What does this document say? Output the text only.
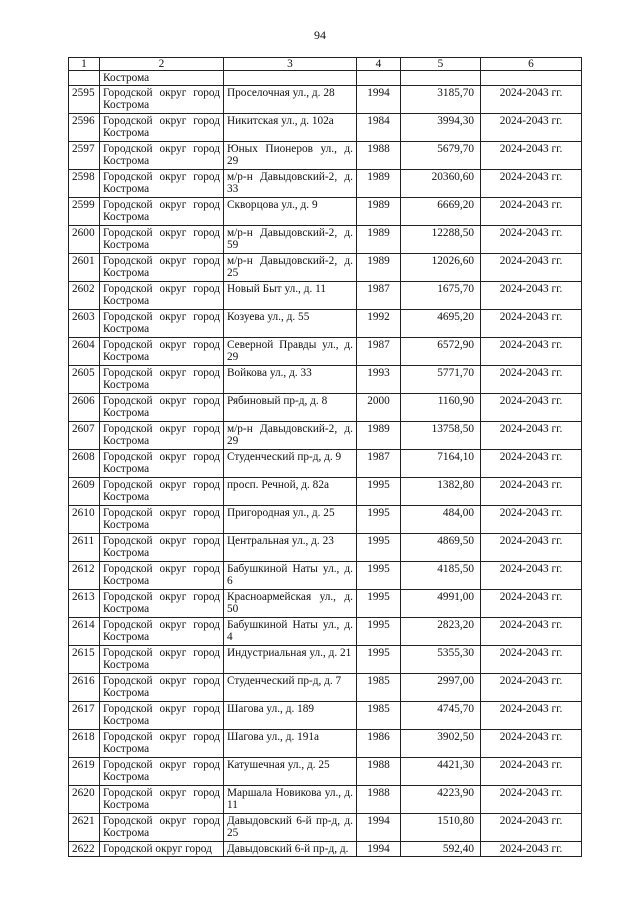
94
1	2	3	4	5	6
	Кострома				
2595	Городской округ город Кострома	Проселочная ул., д. 28	1994	3185,70	2024-2043 гг.
2596	Городской округ город Кострома	Никитская ул., д. 102а	1984	3994,30	2024-2043 гг.
2597	Городской округ город Кострома	Юных Пионеров ул., д. 29	1988	5679,70	2024-2043 гг.
2598	Городской округ город Кострома	м/р-н Давыдовский-2, д. 33	1989	20360,60	2024-2043 гг.
2599	Городской округ город Кострома	Скворцова ул., д. 9	1989	6669,20	2024-2043 гг.
2600	Городской округ город Кострома	м/р-н Давыдовский-2, д. 59	1989	12288,50	2024-2043 гг.
2601	Городской округ город Кострома	м/р-н Давыдовский-2, д. 25	1989	12026,60	2024-2043 гг.
2602	Городской округ город Кострома	Новый Быт ул., д. 11	1987	1675,70	2024-2043 гг.
2603	Городской округ город Кострома	Козуева ул., д. 55	1992	4695,20	2024-2043 гг.
2604	Городской округ город Кострома	Северной Правды ул., д. 29	1987	6572,90	2024-2043 гг.
2605	Городской округ город Кострома	Войкова ул., д. 33	1993	5771,70	2024-2043 гг.
2606	Городской округ город Кострома	Рябиновый пр-д, д. 8	2000	1160,90	2024-2043 гг.
2607	Городской округ город Кострома	м/р-н Давыдовский-2, д. 29	1989	13758,50	2024-2043 гг.
2608	Городской округ город Кострома	Студенческий пр-д, д. 9	1987	7164,10	2024-2043 гг.
2609	Городской округ город Кострома	просп. Речной, д. 82а	1995	1382,80	2024-2043 гг.
2610	Городской округ город Кострома	Пригородная ул., д. 25	1995	484,00	2024-2043 гг.
2611	Городской округ город Кострома	Центральная ул., д. 23	1995	4869,50	2024-2043 гг.
2612	Городской округ город Кострома	Бабушкиной Наты ул., д. 6	1995	4185,50	2024-2043 гг.
2613	Городской округ город Кострома	Красноармейская ул., д. 50	1995	4991,00	2024-2043 гг.
2614	Городской округ город Кострома	Бабушкиной Наты ул., д. 4	1995	2823,20	2024-2043 гг.
2615	Городской округ город Кострома	Индустриальная ул., д. 21	1995	5355,30	2024-2043 гг.
2616	Городской округ город Кострома	Студенческий пр-д, д. 7	1985	2997,00	2024-2043 гг.
2617	Городской округ город Кострома	Шагова ул., д. 189	1985	4745,70	2024-2043 гг.
2618	Городской округ город Кострома	Шагова ул., д. 191а	1986	3902,50	2024-2043 гг.
2619	Городской округ город Кострома	Катушечная ул., д. 25	1988	4421,30	2024-2043 гг.
2620	Городской округ город Кострома	Маршала Новикова ул., д. 11	1988	4223,90	2024-2043 гг.
2621	Городской округ город Кострома	Давыдовский 6-й пр-д, д. 25	1994	1510,80	2024-2043 гг.
2622	Городской округ город	Давыдовский 6-й пр-д, д.	1994	592,40	2024-2043 гг.
